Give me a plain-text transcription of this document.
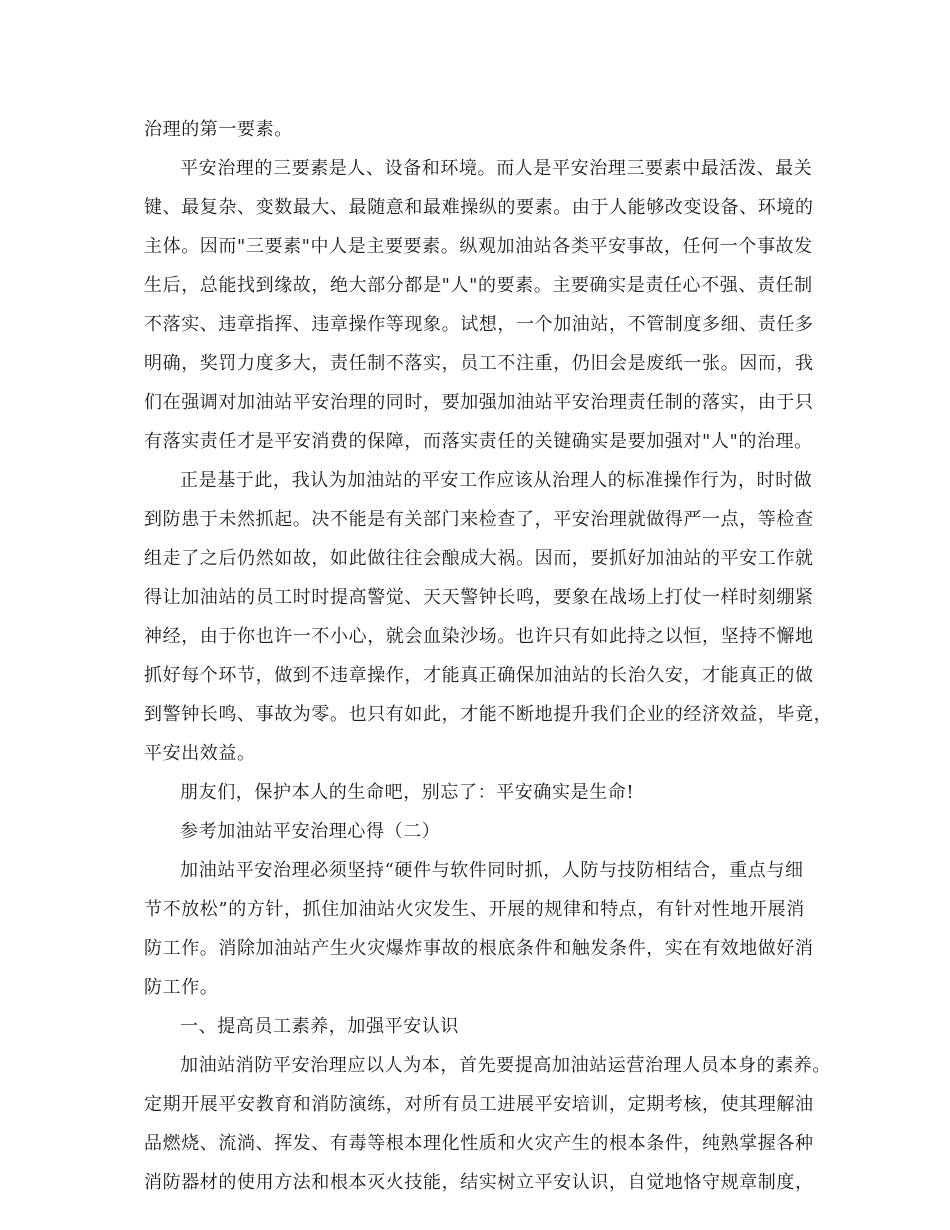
治理的第一要素。
平安治理的三要素是人、设备和环境。而人是平安治理三要素中最活泼、最关
键、最复杂、变数最大、最随意和最难操纵的要素。由于人能够改变设备、环境的
主体。因而"三要素"中人是主要要素。纵观加油站各类平安事故，任何一个事故发
生后，总能找到缘故，绝大部分都是"人"的要素。主要确实是责任心不强、责任制
不落实、违章指挥、违章操作等现象。试想，一个加油站，不管制度多细、责任多
明确，奖罚力度多大，责任制不落实，员工不注重，仍旧会是废纸一张。因而，我
们在强调对加油站平安治理的同时，要加强加油站平安治理责任制的落实，由于只
有落实责任才是平安消费的保障，而落实责任的关键确实是要加强对"人"的治理。
正是基于此，我认为加油站的平安工作应该从治理人的标准操作行为，时时做
到防患于未然抓起。决不能是有关部门来检查了，平安治理就做得严一点，等检查
组走了之后仍然如故，如此做往往会酿成大祸。因而，要抓好加油站的平安工作就
得让加油站的员工时时提高警觉、天天警钟长鸣，要象在战场上打仗一样时刻绷紧
神经，由于你也许一不小心，就会血染沙场。也许只有如此持之以恒，坚持不懈地
抓好每个环节，做到不违章操作，才能真正确保加油站的长治久安，才能真正的做
到警钟长鸣、事故为零。也只有如此，才能不断地提升我们企业的经济效益，毕竟，
平安出效益。
朋友们，保护本人的生命吧，别忘了：平安确实是生命!
参考加油站平安治理心得（二）
加油站平安治理必须坚持“硬件与软件同时抓，人防与技防相结合，重点与细
节不放松”的方针，抓住加油站火灾发生、开展的规律和特点，有针对性地开展消
防工作。消除加油站产生火灾爆炸事故的根底条件和触发条件，实在有效地做好消
防工作。
一、提高员工素养，加强平安认识
加油站消防平安治理应以人为本，首先要提高加油站运营治理人员本身的素养。
定期开展平安教育和消防演练，对所有员工进展平安培训，定期考核，使其理解油
品燃烧、流淌、挥发、有毒等根本理化性质和火灾产生的根本条件，纯熟掌握各种
消防器材的使用方法和根本灭火技能，结实树立平安认识，自觉地恪守规章制度，
